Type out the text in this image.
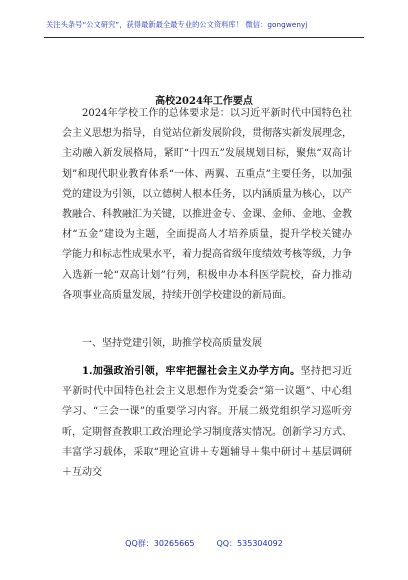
关注头条号“公文研究”，获得最新最全最专业的公文资料库！ 微信：gongwenyj
高校2024年工作要点

2024年学校工作的总体要求是：以习近平新时代中国特色社会主义思想为指导，自觉站位新发展阶段，贯彻落实新发展理念，主动融入新发展格局，紧盯“十四五”发展规划目标，聚焦“双高计划”和现代职业教育体系“一体、两翼、五重点”主要任务，以加强党的建设为引领，以立德树人根本任务，以内涵质量为核心，以产教融合、科教融汇为关键，以推进金专、金课、金师、金地、金教材“五金”建设为主题，全面提高人才培养质量，提升学校关键办学能力和标志性成果水平，着力提高省级年度绩效考核等级，力争入选新一轮“双高计划”行列，积极申办本科医学院校，奋力推动各项事业高质量发展，持续开创学校建设的新局面。

一、坚持党建引领，助推学校高质量发展

1.加强政治引领，牢牢把握社会主义办学方向。坚持把习近平新时代中国特色社会主义思想作为党委会“第一议题”、中心组学习、“三会一课”的重要学习内容。开展二级党组织学习巡听旁听，定期督查教职工政治理论学习制度落实情况。创新学习方式、丰富学习载体，采取“理论宣讲＋专题辅导＋集中研讨＋基层调研＋互动交

QQ群：30265665	QQ：535304092
